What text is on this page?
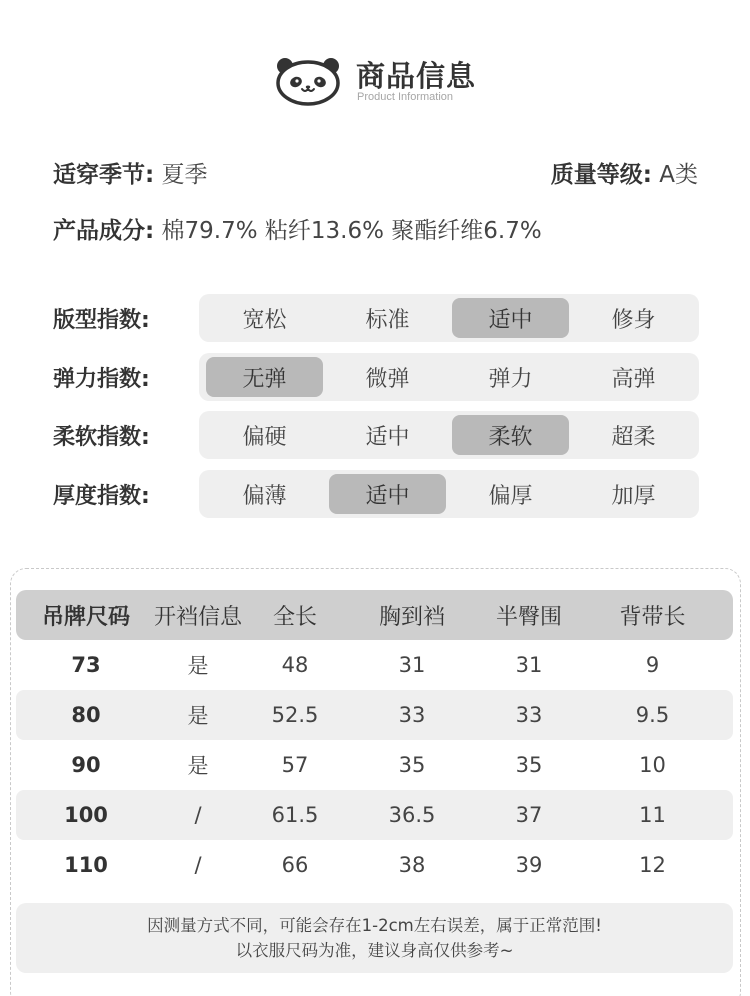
商品信息
Product Information
适穿季节: 夏季	质量等级: A类
产品成分: 棉79.7% 粘纤13.6% 聚酯纤维6.7%
版型指数:	宽松	标准	适中	修身
弹力指数:	无弹	微弹	弹力	高弹
柔软指数:	偏硬	适中	柔软	超柔
厚度指数:	偏薄	适中	偏厚	加厚
吊牌尺码	开裆信息	全长	胸到裆	半臀围	背带长
73	是	48	31	31	9
80	是	52.5	33	33	9.5
90	是	57	35	35	10
100	/	61.5	36.5	37	11
110	/	66	38	39	12
因测量方式不同，可能会存在1-2cm左右误差，属于正常范围!
以衣服尺码为准，建议身高仅供参考~
